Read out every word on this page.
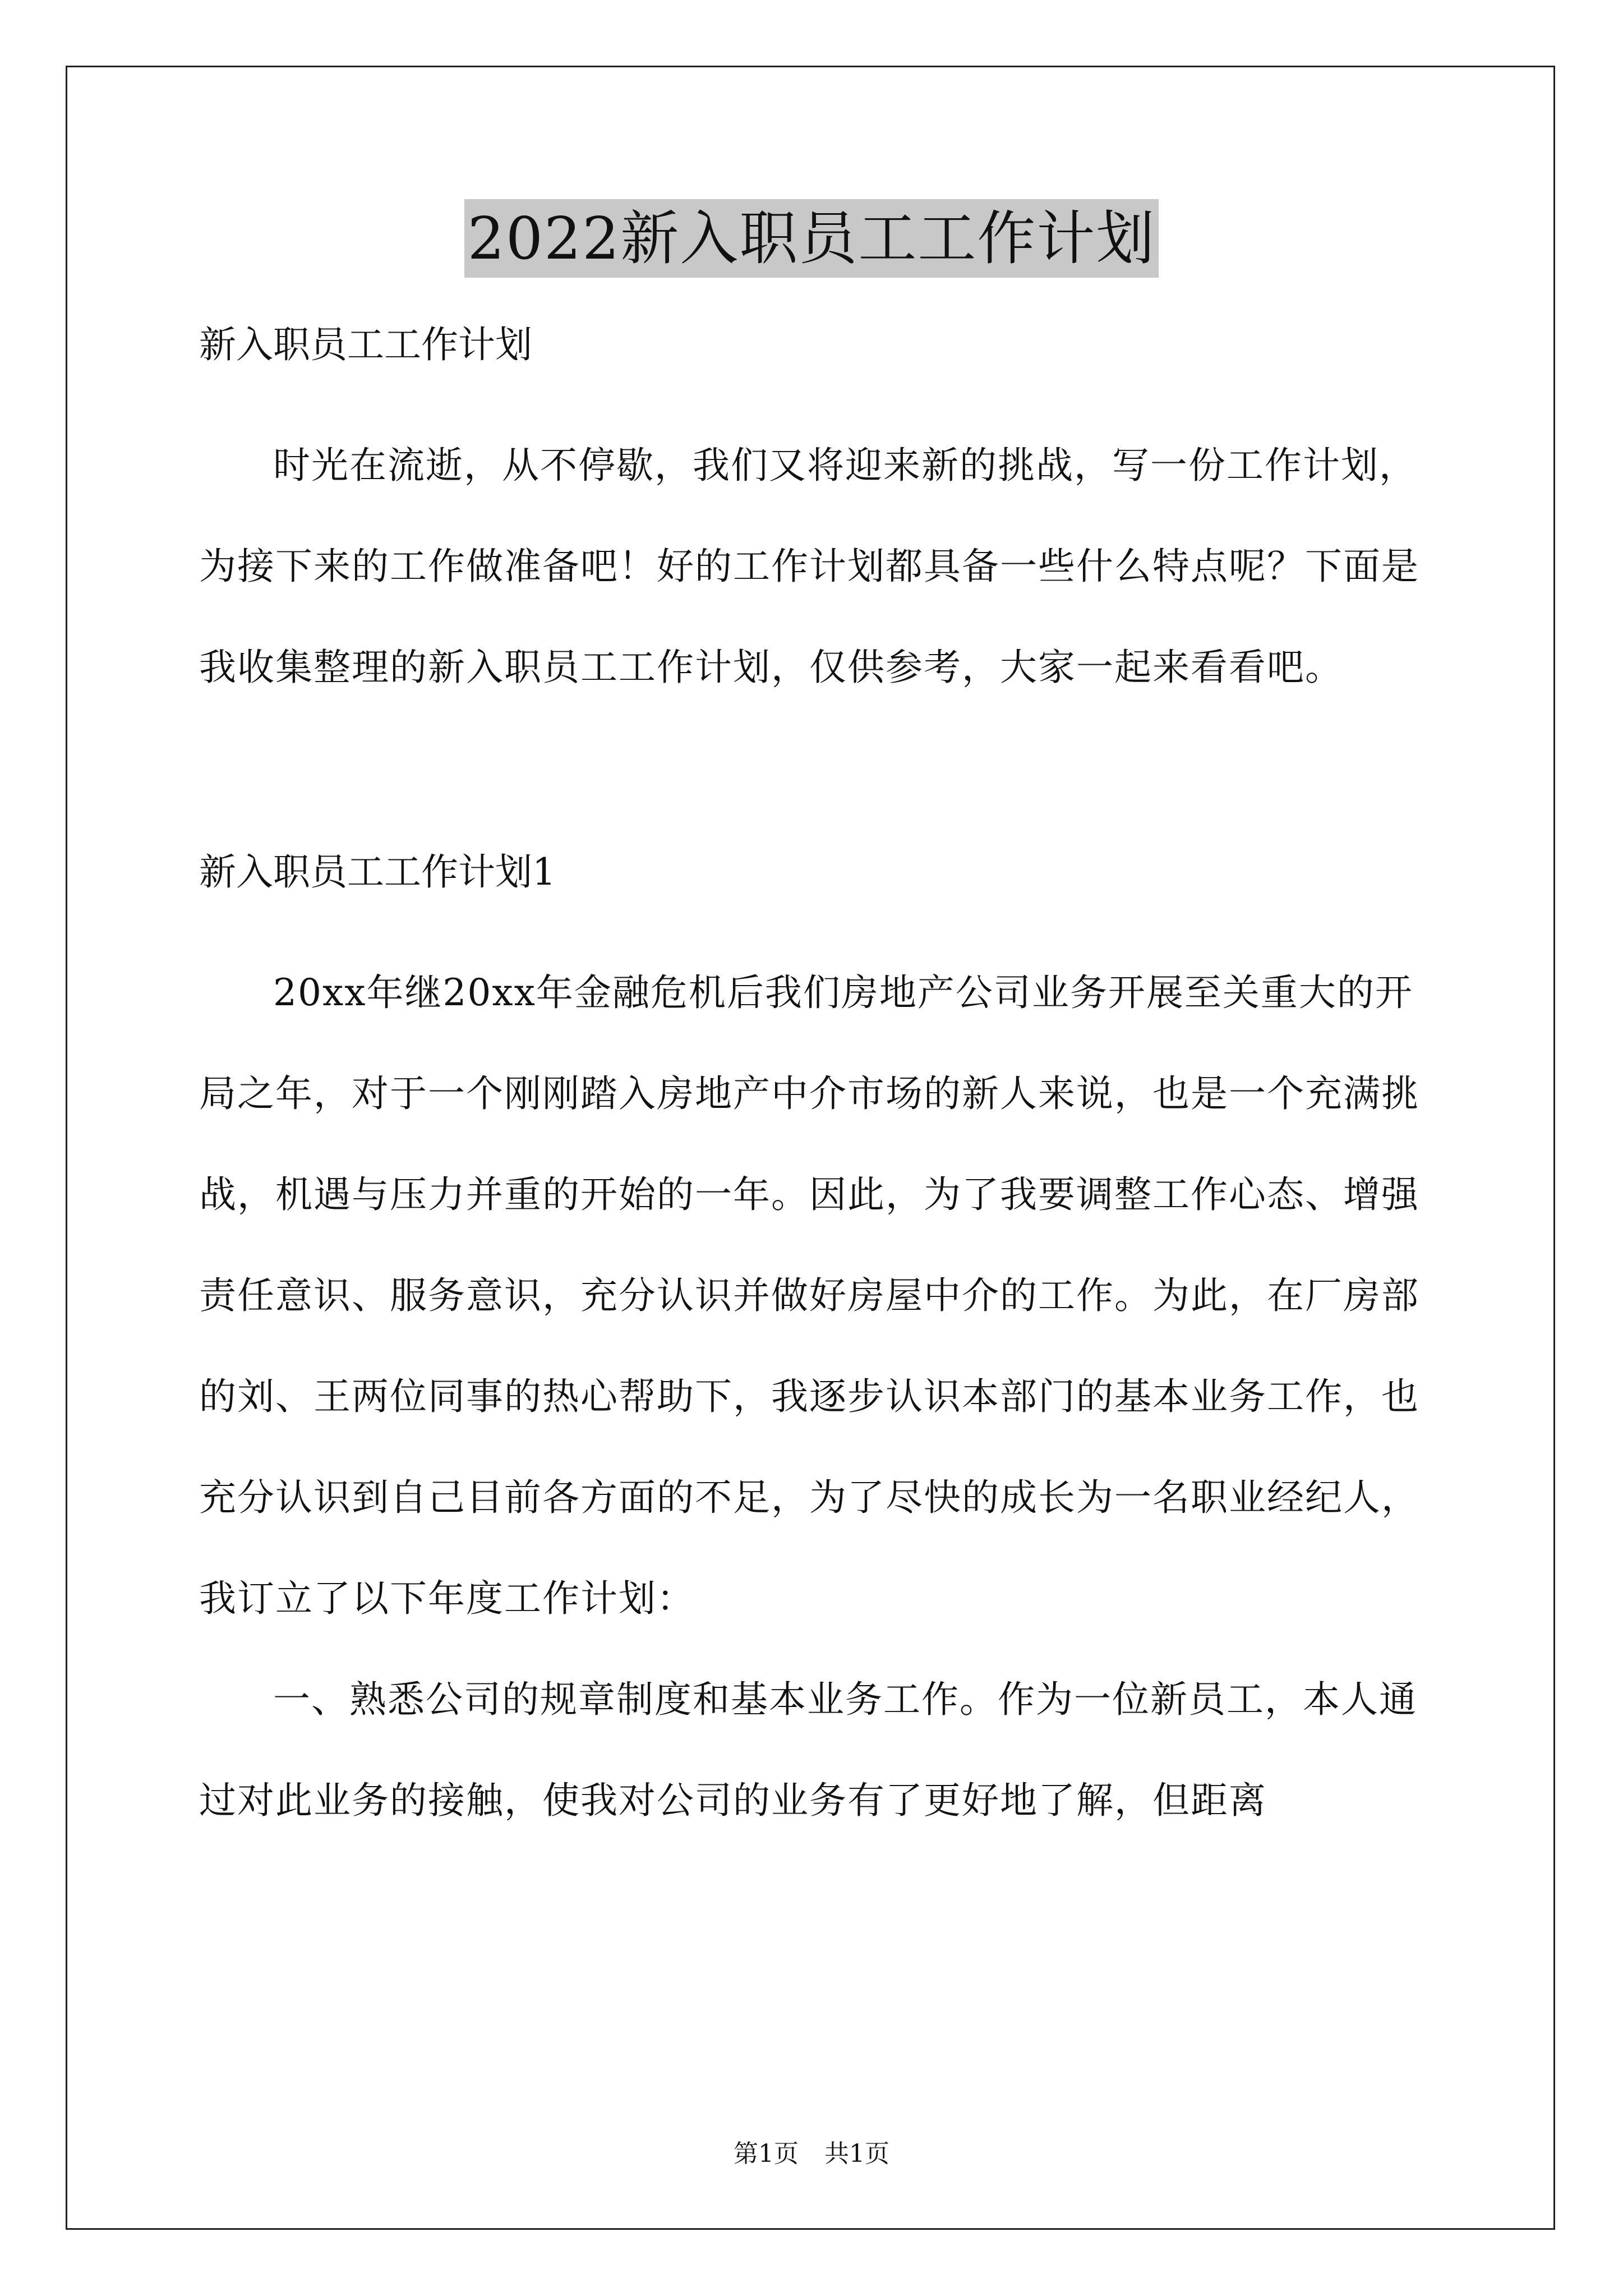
2022新入职员工工作计划

新入职员工工作计划

时光在流逝，从不停歇，我们又将迎来新的挑战，写一份工作计划，为接下来的工作做准备吧！好的工作计划都具备一些什么特点呢？下面是我收集整理的新入职员工工作计划，仅供参考，大家一起来看看吧。

新入职员工工作计划1

20xx年继20xx年金融危机后我们房地产公司业务开展至关重大的开局之年，对于一个刚刚踏入房地产中介市场的新人来说，也是一个充满挑战，机遇与压力并重的开始的一年。因此，为了我要调整工作心态、增强责任意识、服务意识，充分认识并做好房屋中介的工作。为此，在厂房部的刘、王两位同事的热心帮助下，我逐步认识本部门的基本业务工作，也充分认识到自己目前各方面的不足，为了尽快的成长为一名职业经纪人，我订立了以下年度工作计划：

一、熟悉公司的规章制度和基本业务工作。作为一位新员工，本人通过对此业务的接触，使我对公司的业务有了更好地了解，但距离

第1页 共1页
